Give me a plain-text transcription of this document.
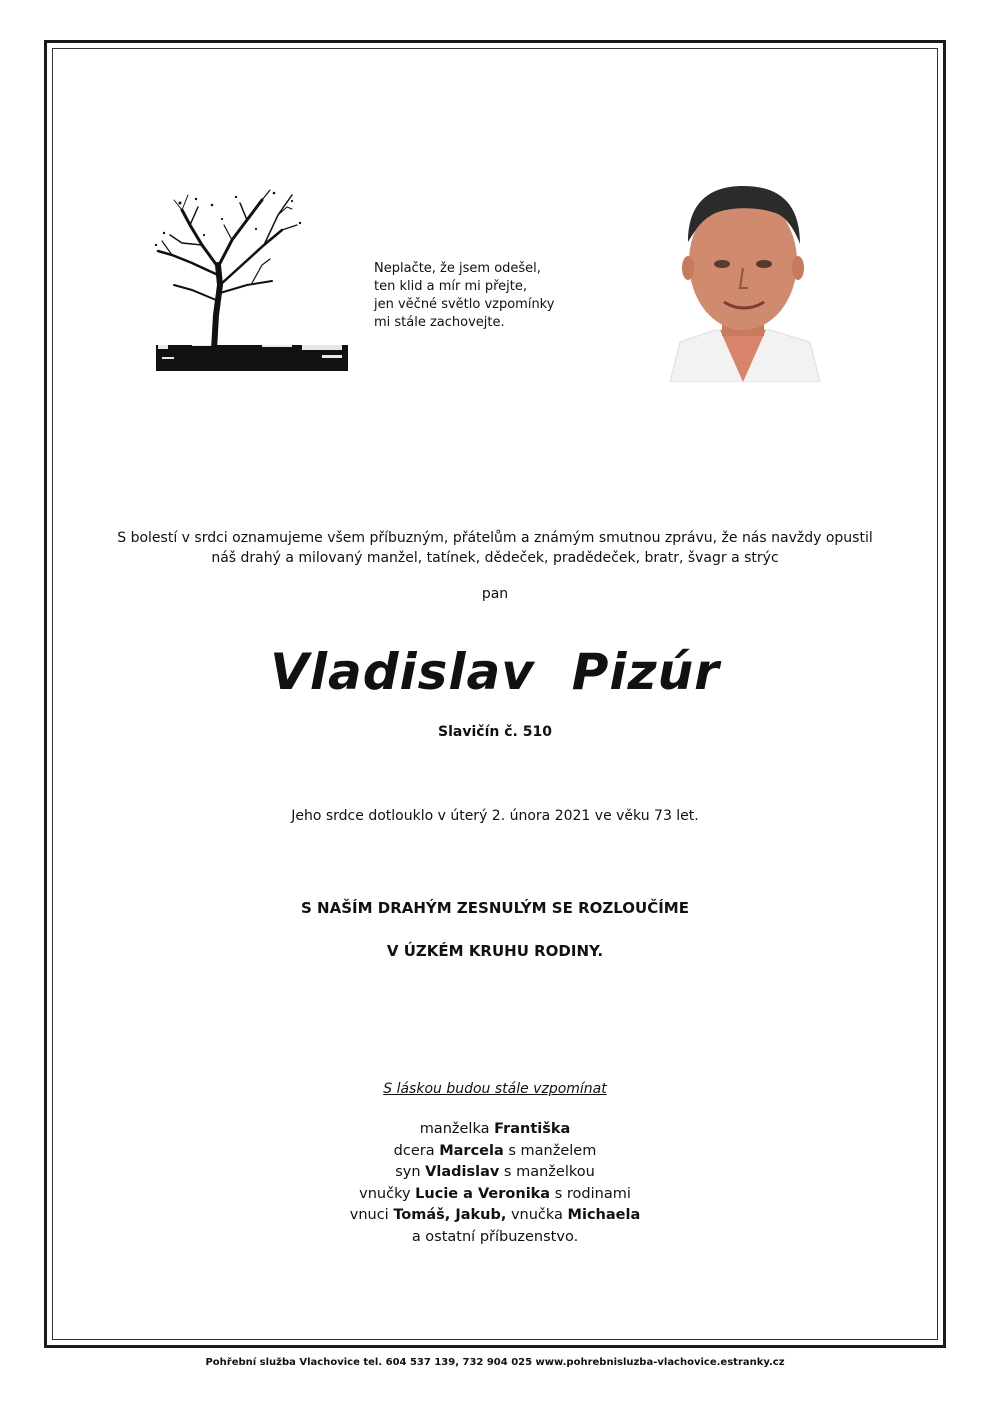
Neplačte, že jsem odešel,
ten klid a mír mi přejte,
jen věčné světlo vzpomínky
mi stále zachovejte.
S bolestí v srdci oznamujeme všem příbuzným, přátelům a známým smutnou zprávu, že nás navždy opustil
náš drahý a milovaný manžel, tatínek, dědeček, pradědeček, bratr, švagr a strýc
pan
Vladislav  Pizúr
Slavičín č. 510
Jeho srdce dotlouklo v úterý 2. února 2021 ve věku 73 let.
S NAŠÍM DRAHÝM ZESNULÝM SE ROZLOUČÍME
V ÚZKÉM KRUHU RODINY.
S láskou budou stále vzpomínat
manželka Františka
dcera Marcela s manželem
syn Vladislav s manželkou
vnučky Lucie a Veronika s rodinami
vnuci Tomáš, Jakub, vnučka Michaela
a ostatní příbuzenstvo.
Pohřební služba Vlachovice tel. 604 537 139, 732 904 025 www.pohrebnisluzba-vlachovice.estranky.cz
